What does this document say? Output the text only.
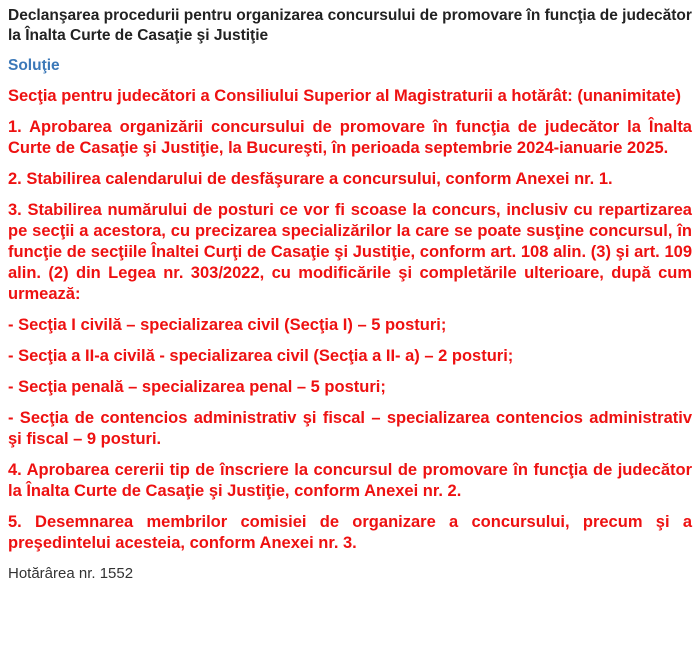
Declanşarea procedurii pentru organizarea concursului de promovare în funcţia de judecător la Înalta Curte de Casaţie şi Justiţie
Soluţie
Secţia pentru judecători a Consiliului Superior al Magistraturii a hotărât: (unanimitate)
1. Aprobarea organizării concursului de promovare în funcţia de judecător la Înalta Curte de Casaţie şi Justiţie, la Bucureşti, în perioada septembrie 2024-ianuarie 2025.
2. Stabilirea calendarului de desfăşurare a concursului, conform Anexei nr. 1.
3. Stabilirea numărului de posturi ce vor fi scoase la concurs, inclusiv cu repartizarea pe secţii a acestora, cu precizarea specializărilor la care se poate susţine concursul, în funcţie de secţiile Înaltei Curţi de Casaţie şi Justiţie, conform art. 108 alin. (3) şi art. 109 alin. (2) din Legea nr. 303/2022, cu modificările şi completările ulterioare, după cum urmează:
- Secţia I civilă – specializarea civil (Secţia I) – 5 posturi;
- Secţia a II-a civilă - specializarea civil (Secţia a II- a) – 2 posturi;
- Secţia penală – specializarea penal – 5 posturi;
- Secţia de contencios administrativ şi fiscal – specializarea contencios administrativ şi fiscal – 9 posturi.
4. Aprobarea cererii tip de înscriere la concursul de promovare în funcţia de judecător la Înalta Curte de Casaţie şi Justiţie, conform Anexei nr. 2.
5. Desemnarea membrilor comisiei de organizare a concursului, precum şi a preşedintelui acesteia, conform Anexei nr. 3.
Hotărârea nr. 1552
